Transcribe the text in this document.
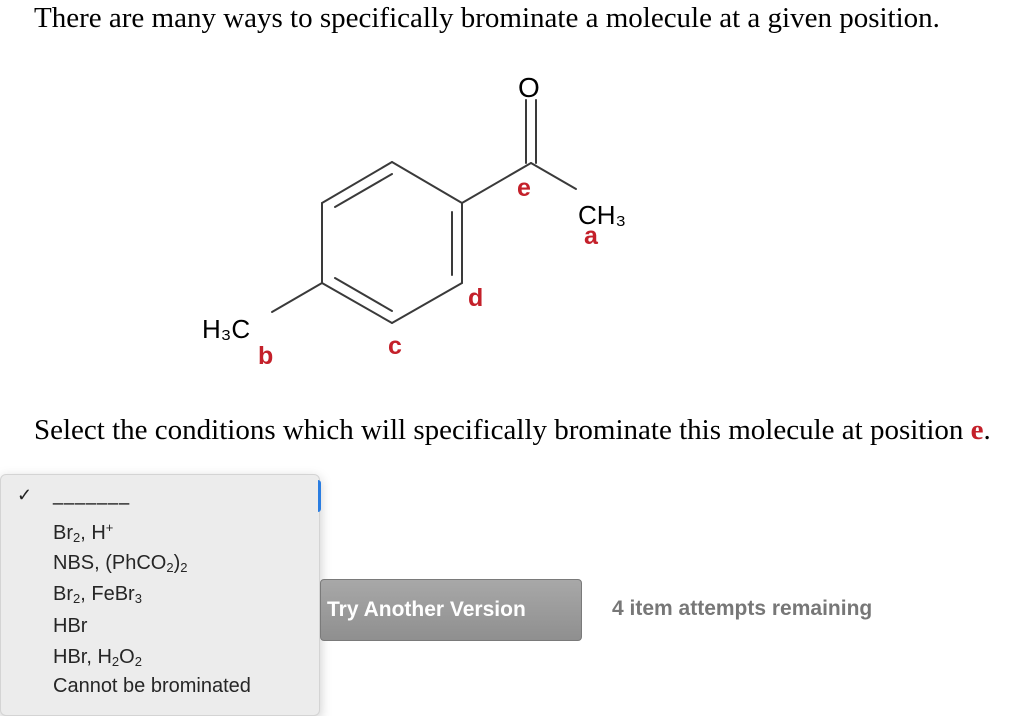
There are many ways to specifically brominate a molecule at a given position.
O
CH₃
H₃C
e
a
d
c
b
Select the conditions which will specifically brominate this molecule at position e.
✓ _______
$Br_2$, H+
NBS, $(PhCO_2)_2$
$Br_2$, FeBr$_3$
HBr
HBr, $H_2O_2$
Cannot be brominated
Try Another Version	4 item attempts remaining
